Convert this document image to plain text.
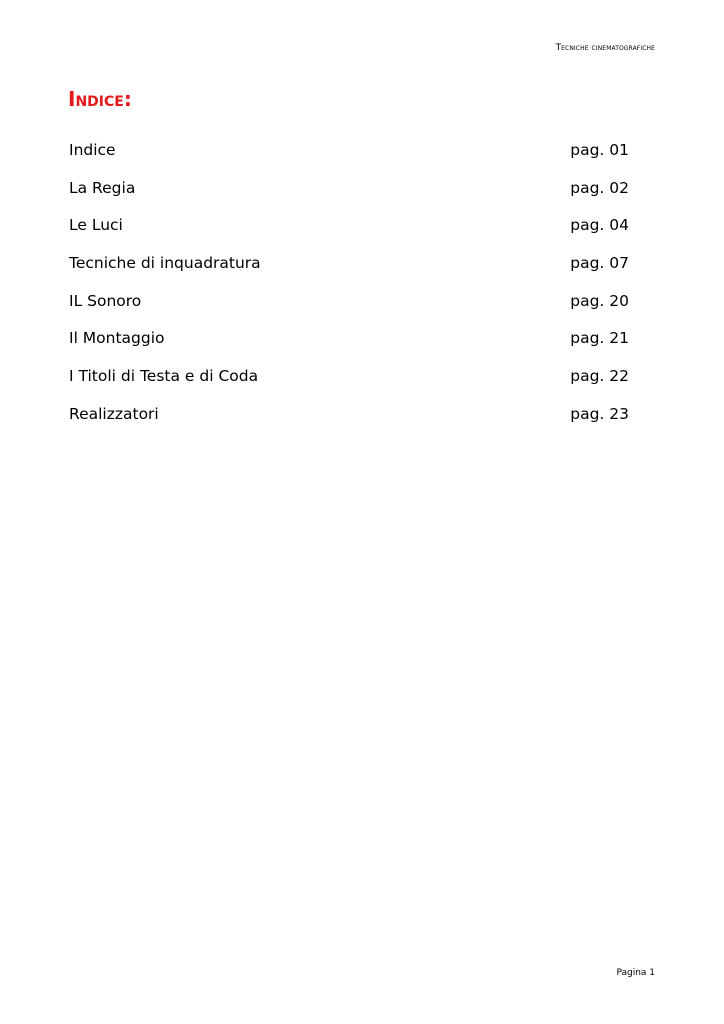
Tecniche cinematografiche
Indice:
Indice	pag. 01
La Regia	pag. 02
Le Luci	pag. 04
Tecniche di inquadratura	pag. 07
IL Sonoro	pag. 20
Il Montaggio	pag. 21
I Titoli di Testa e di Coda	pag. 22
Realizzatori	pag. 23
Pagina 1
